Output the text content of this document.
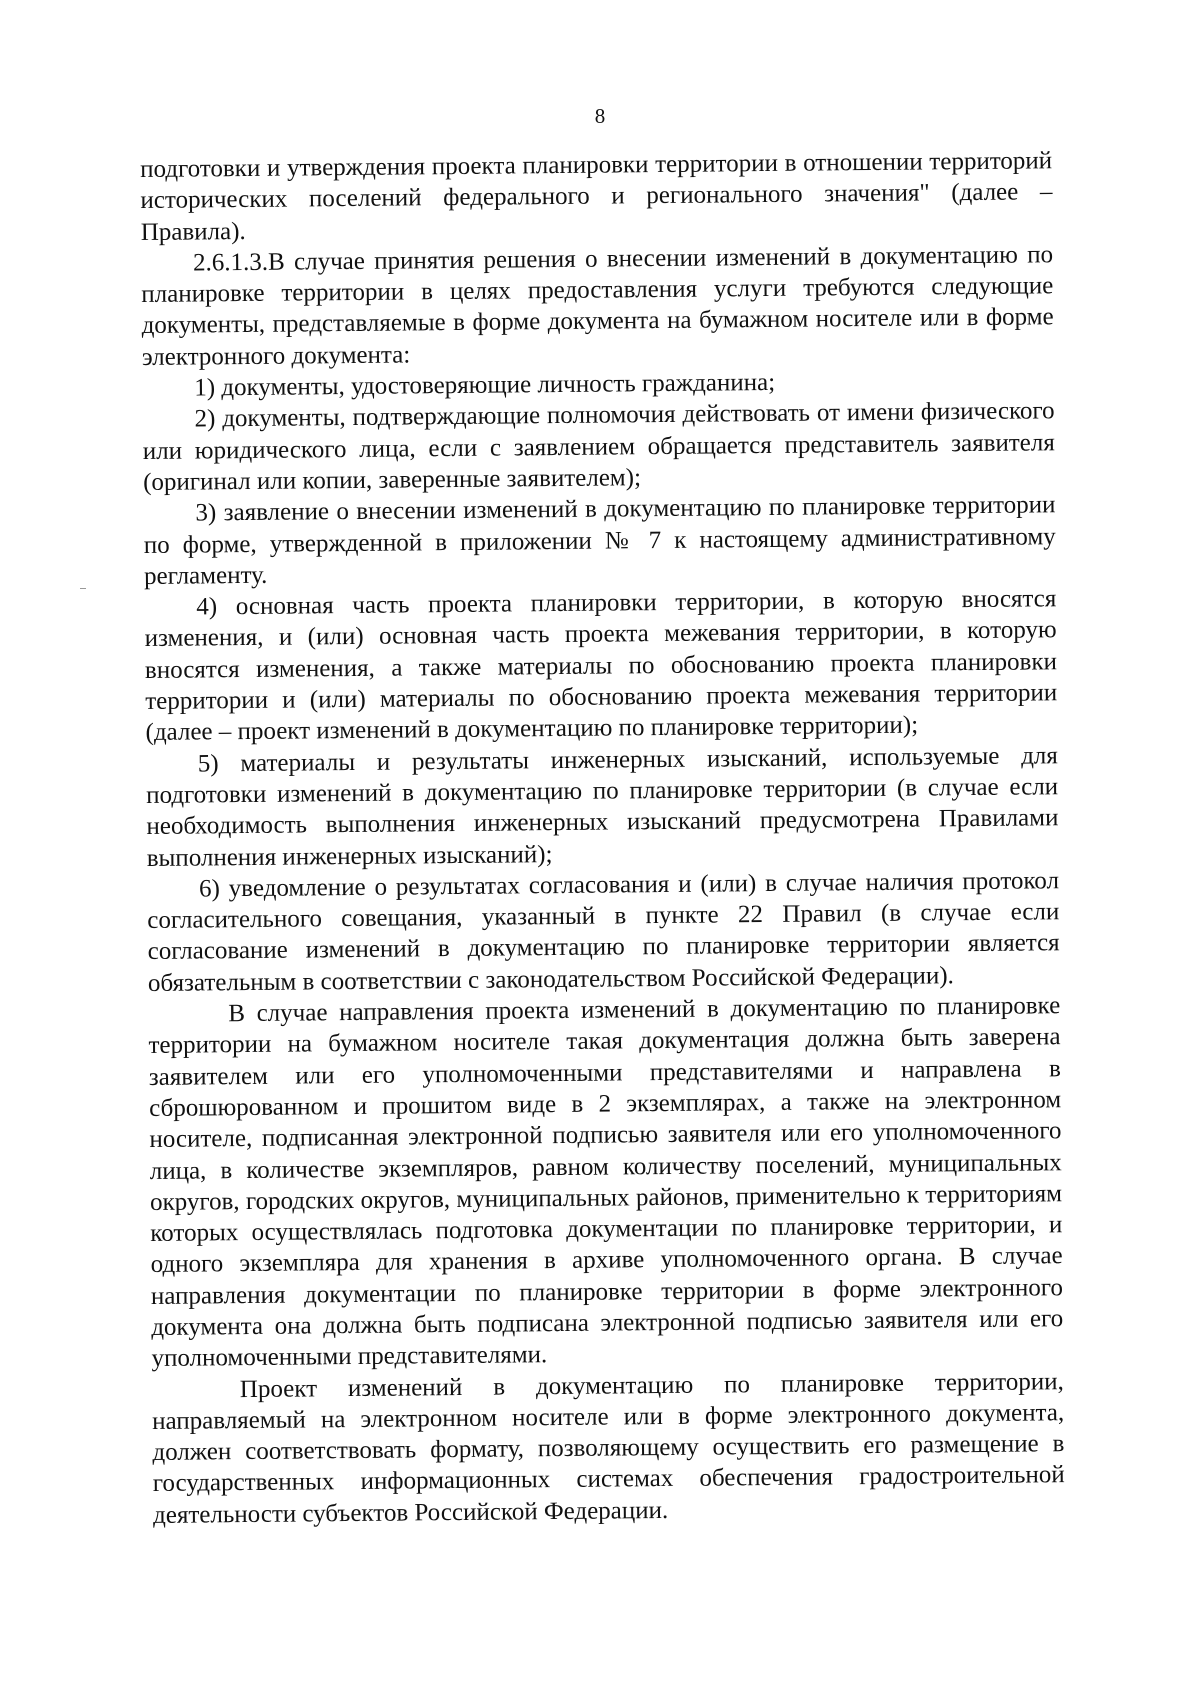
8

подготовки и утверждения проекта планировки территории в отношении территорий исторических поселений федерального и регионального значения" (далее – Правила).

2.6.1.3.В случае принятия решения о внесении изменений в документацию по планировке территории в целях предоставления услуги требуются следующие документы, представляемые в форме документа на бумажном носителе или в форме электронного документа:

1) документы, удостоверяющие личность гражданина;

2) документы, подтверждающие полномочия действовать от имени физического или юридического лица, если с заявлением обращается представитель заявителя (оригинал или копии, заверенные заявителем);

3) заявление о внесении изменений в документацию по планировке территории по форме, утвержденной в приложении № 7 к настоящему административному регламенту.

4) основная часть проекта планировки территории, в которую вносятся изменения, и (или) основная часть проекта межевания территории, в которую вносятся изменения, а также материалы по обоснованию проекта планировки территории и (или) материалы по обоснованию проекта межевания территории (далее – проект изменений в документацию по планировке территории);

5) материалы и результаты инженерных изысканий, используемые для подготовки изменений в документацию по планировке территории (в случае если необходимость выполнения инженерных изысканий предусмотрена Правилами выполнения инженерных изысканий);

6) уведомление о результатах согласования и (или) в случае наличия протокол согласительного совещания, указанный в пункте 22 Правил (в случае если согласование изменений в документацию по планировке территории является обязательным в соответствии с законодательством Российской Федерации).

В случае направления проекта изменений в документацию по планировке территории на бумажном носителе такая документация должна быть заверена заявителем или его уполномоченными представителями и направлена в сброшюрованном и прошитом виде в 2 экземплярах, а также на электронном носителе, подписанная электронной подписью заявителя или его уполномоченного лица, в количестве экземпляров, равном количеству поселений, муниципальных округов, городских округов, муниципальных районов, применительно к территориям которых осуществлялась подготовка документации по планировке территории, и одного экземпляра для хранения в архиве уполномоченного органа. В случае направления документации по планировке территории в форме электронного документа она должна быть подписана электронной подписью заявителя или его уполномоченными представителями.

Проект изменений в документацию по планировке территории, направляемый на электронном носителе или в форме электронного документа, должен соответствовать формату, позволяющему осуществить его размещение в государственных информационных системах обеспечения градостроительной деятельности субъектов Российской Федерации.
